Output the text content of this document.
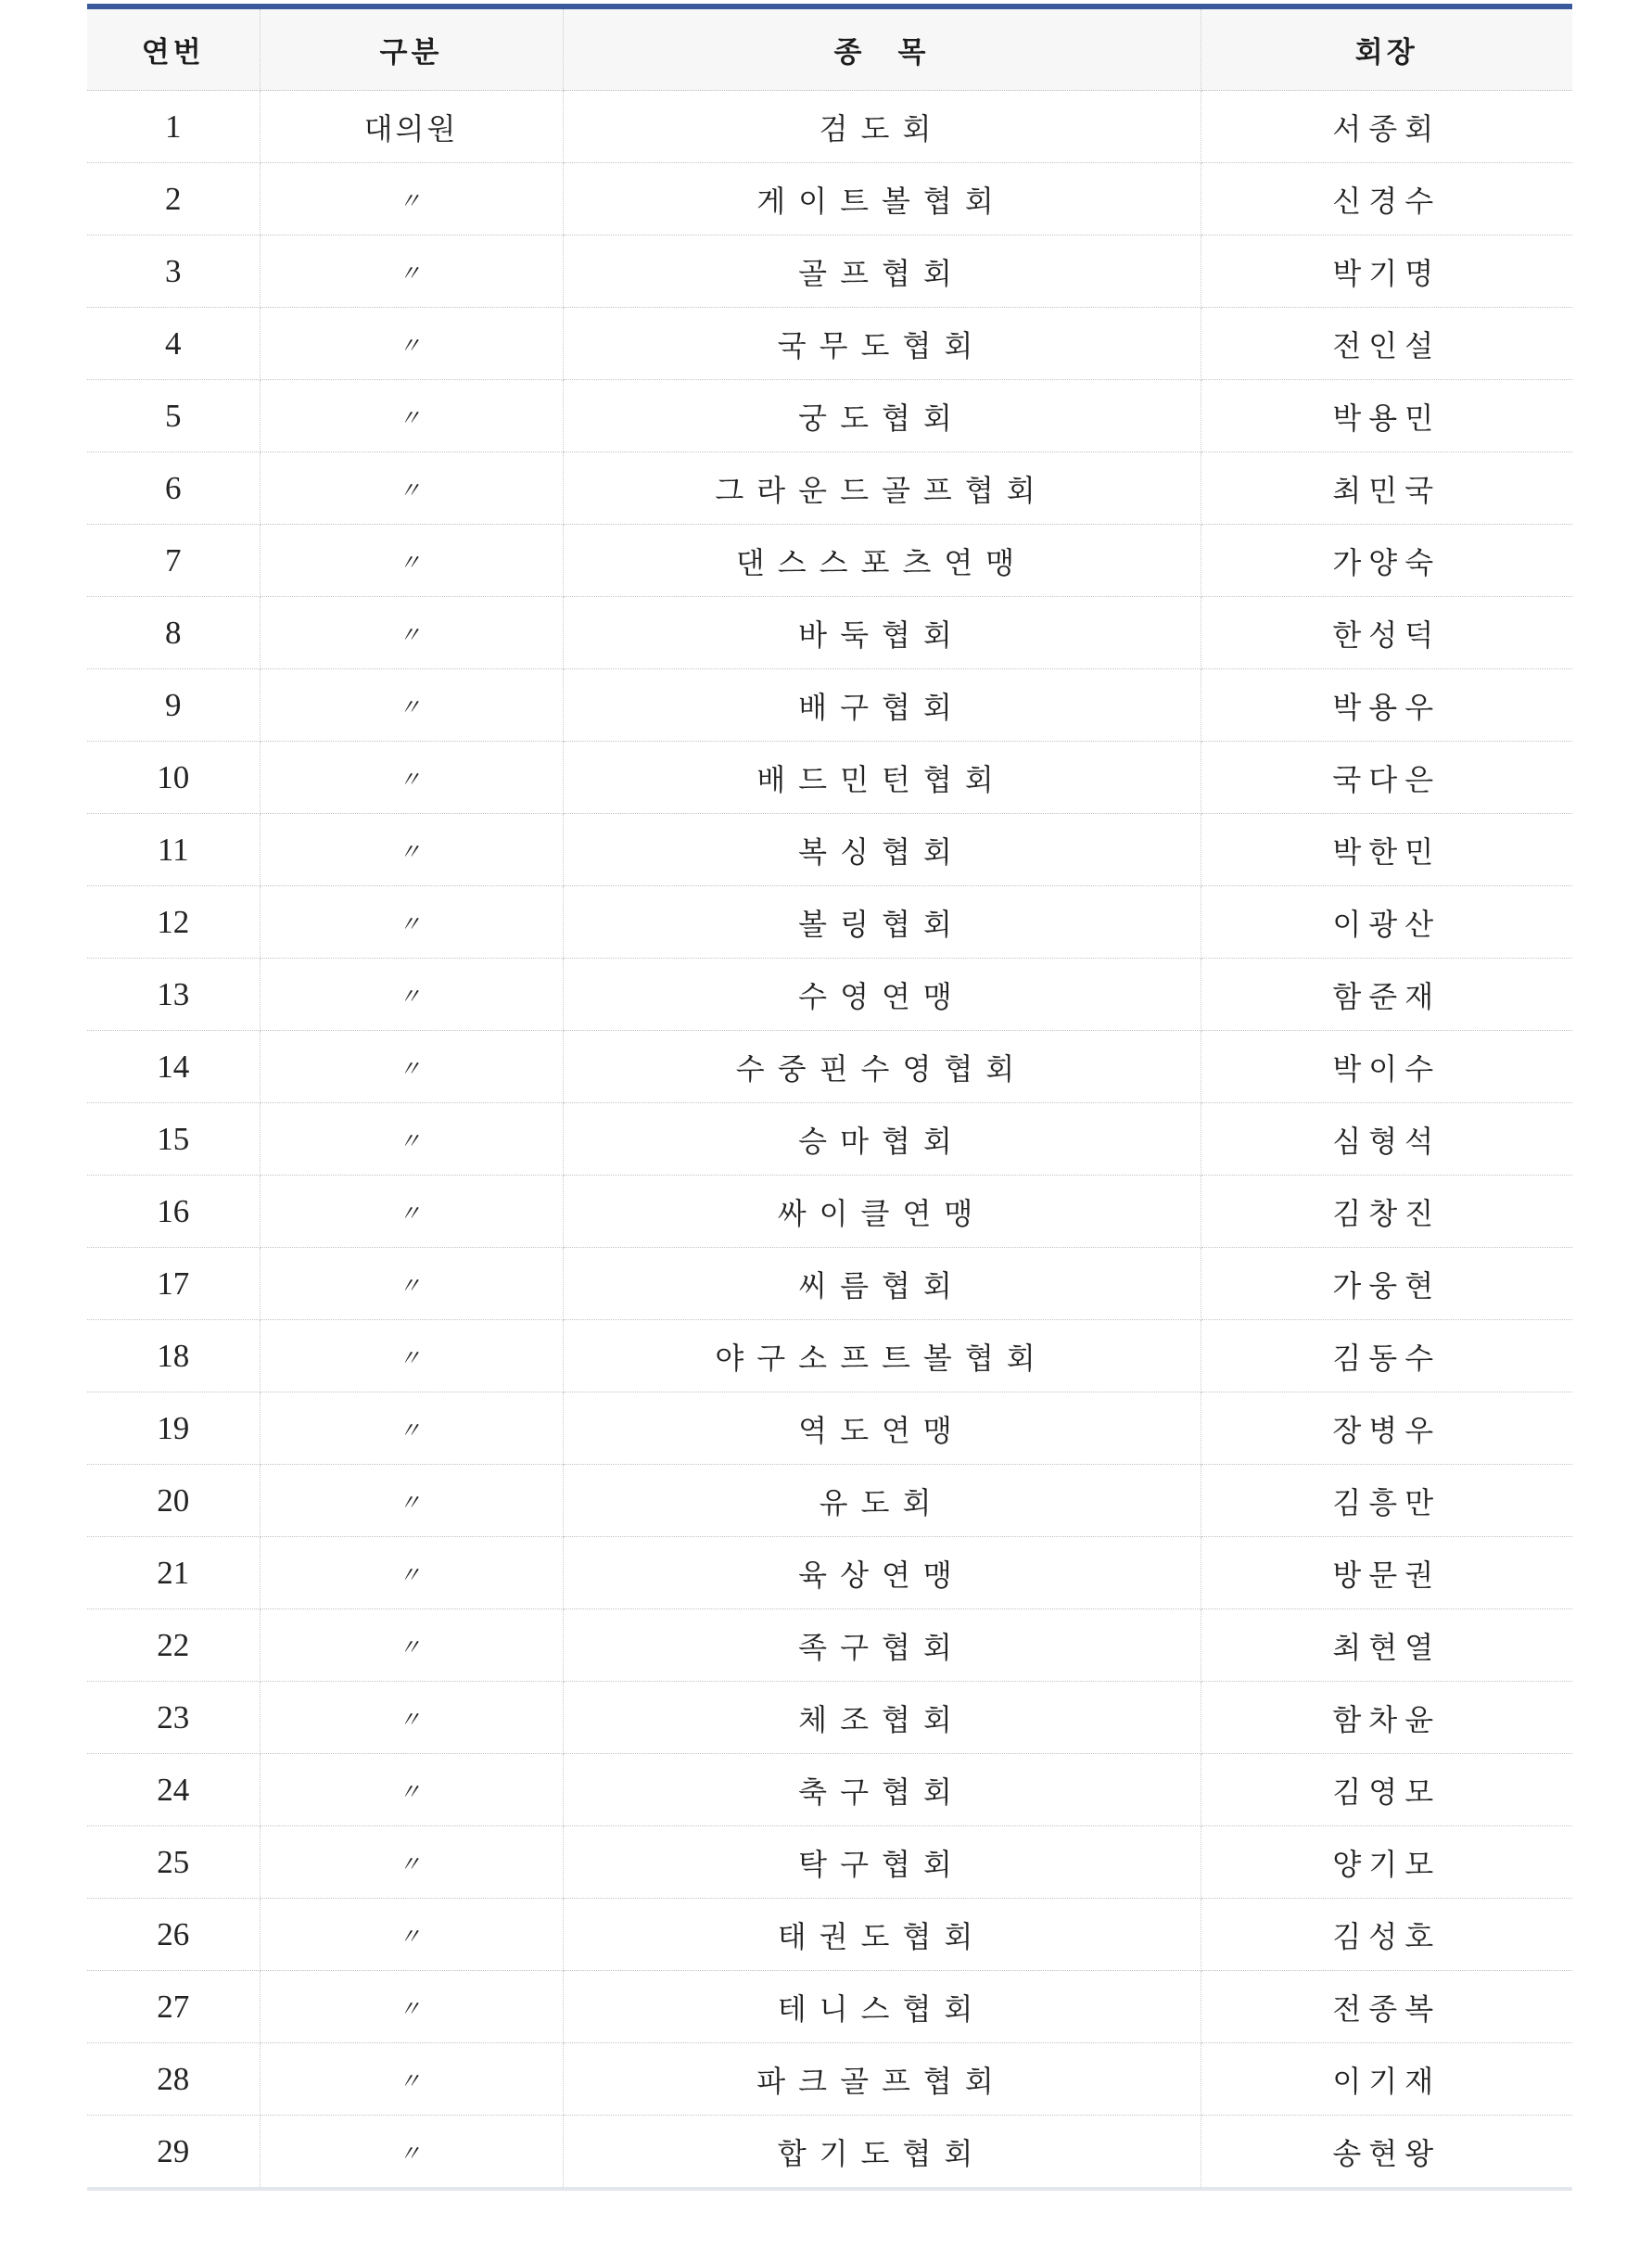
연번	구분	종　목	회장
1	대의원	검도회	서종회
2	〃	게이트볼협회	신경수
3	〃	골프협회	박기명
4	〃	국무도협회	전인설
5	〃	궁도협회	박용민
6	〃	그라운드골프협회	최민국
7	〃	댄스스포츠연맹	가양숙
8	〃	바둑협회	한성덕
9	〃	배구협회	박용우
10	〃	배드민턴협회	국다은
11	〃	복싱협회	박한민
12	〃	볼링협회	이광산
13	〃	수영연맹	함준재
14	〃	수중핀수영협회	박이수
15	〃	승마협회	심형석
16	〃	싸이클연맹	김창진
17	〃	씨름협회	가웅현
18	〃	야구소프트볼협회	김동수
19	〃	역도연맹	장병우
20	〃	유도회	김흥만
21	〃	육상연맹	방문권
22	〃	족구협회	최현열
23	〃	체조협회	함차윤
24	〃	축구협회	김영모
25	〃	탁구협회	양기모
26	〃	태권도협회	김성호
27	〃	테니스협회	전종복
28	〃	파크골프협회	이기재
29	〃	합기도협회	송현왕
